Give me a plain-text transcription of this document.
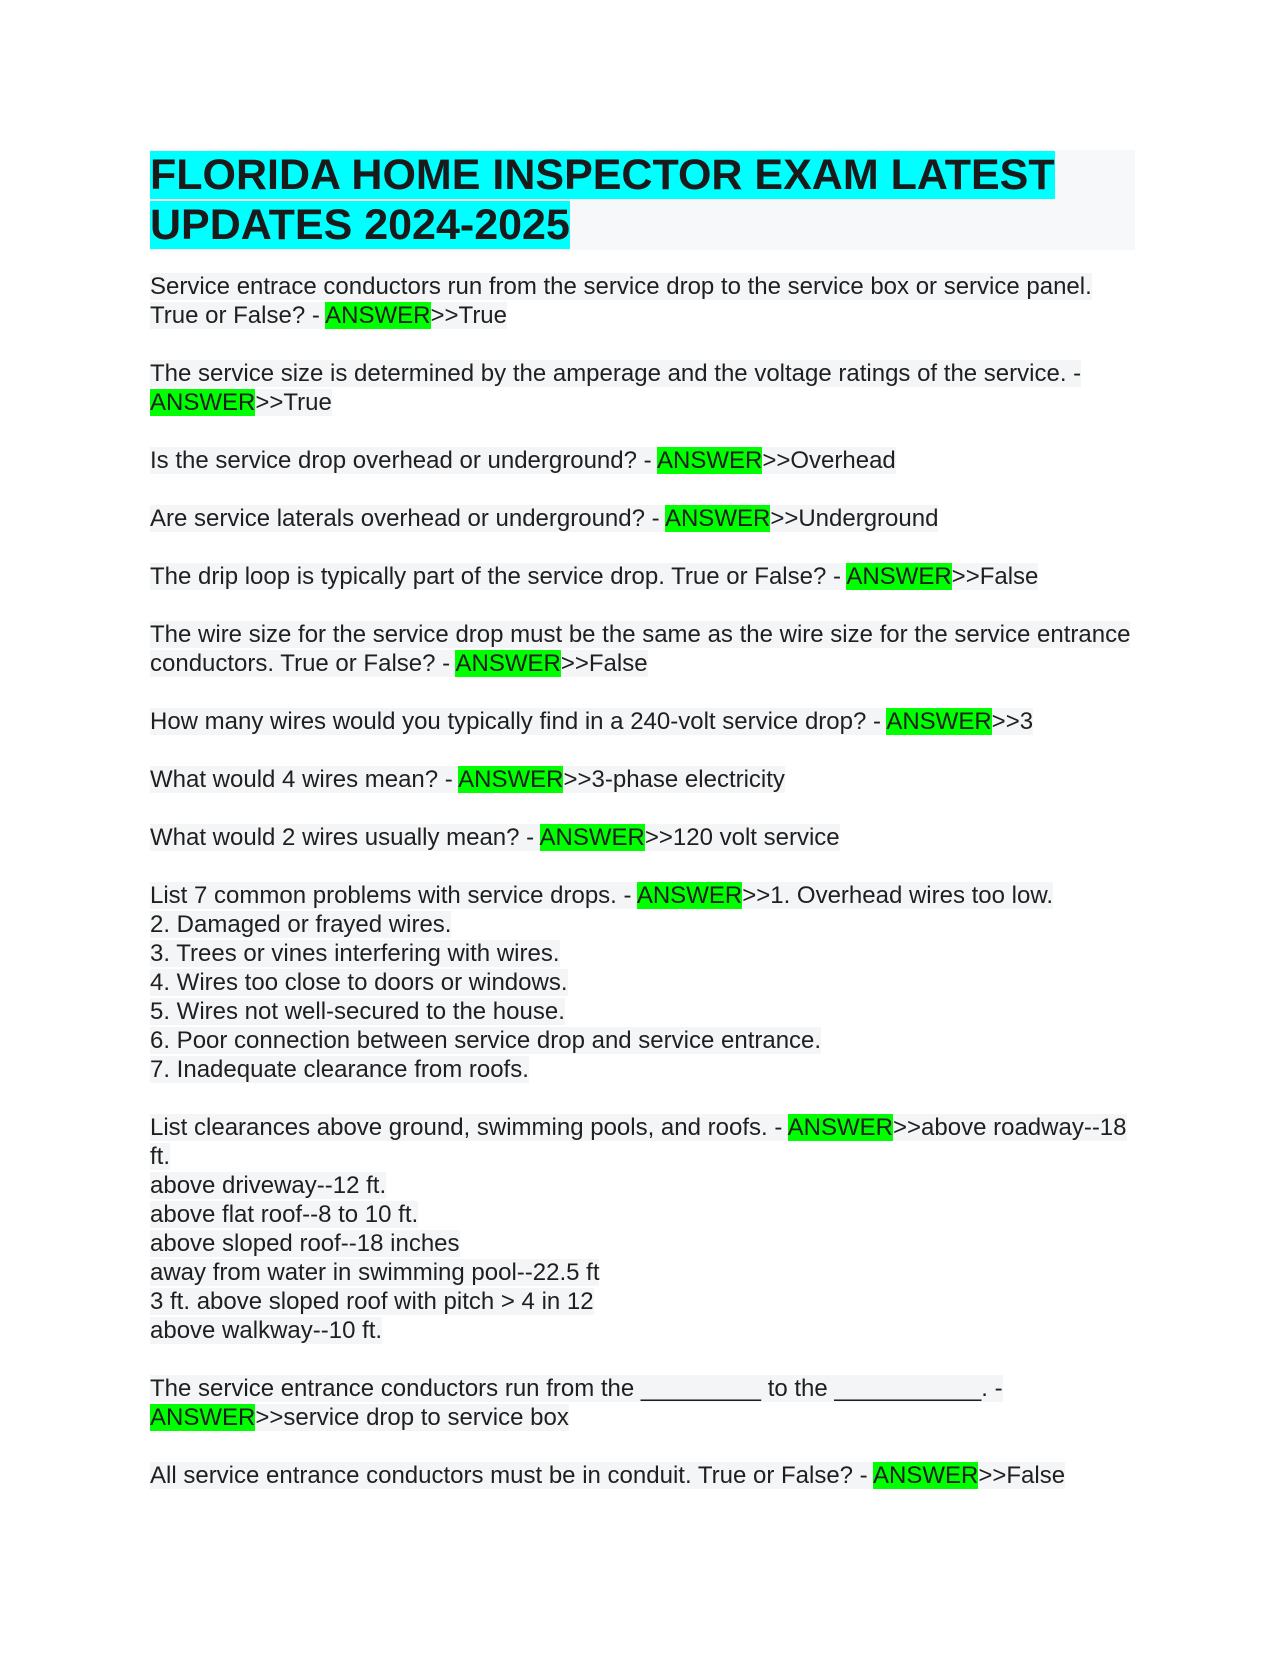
FLORIDA HOME INSPECTOR EXAM LATEST
UPDATES 2024-2025

Service entrace conductors run from the service drop to the service box or service panel. True or False? - ANSWER>>True

The service size is determined by the amperage and the voltage ratings of the service. - ANSWER>>True

Is the service drop overhead or underground? - ANSWER>>Overhead

Are service laterals overhead or underground? - ANSWER>>Underground

The drip loop is typically part of the service drop. True or False? - ANSWER>>False

The wire size for the service drop must be the same as the wire size for the service entrance conductors. True or False? - ANSWER>>False

How many wires would you typically find in a 240-volt service drop? - ANSWER>>3

What would 4 wires mean? - ANSWER>>3-phase electricity

What would 2 wires usually mean? - ANSWER>>120 volt service

List 7 common problems with service drops. - ANSWER>>1. Overhead wires too low.
2. Damaged or frayed wires.
3. Trees or vines interfering with wires.
4. Wires too close to doors or windows.
5. Wires not well-secured to the house.
6. Poor connection between service drop and service entrance.
7. Inadequate clearance from roofs.

List clearances above ground, swimming pools, and roofs. - ANSWER>>above roadway--18 ft.
above driveway--12 ft.
above flat roof--8 to 10 ft.
above sloped roof--18 inches
away from water in swimming pool--22.5 ft
3 ft. above sloped roof with pitch > 4 in 12
above walkway--10 ft.

The service entrance conductors run from the _________ to the ___________. - ANSWER>>service drop to service box

All service entrance conductors must be in conduit. True or False? - ANSWER>>False
